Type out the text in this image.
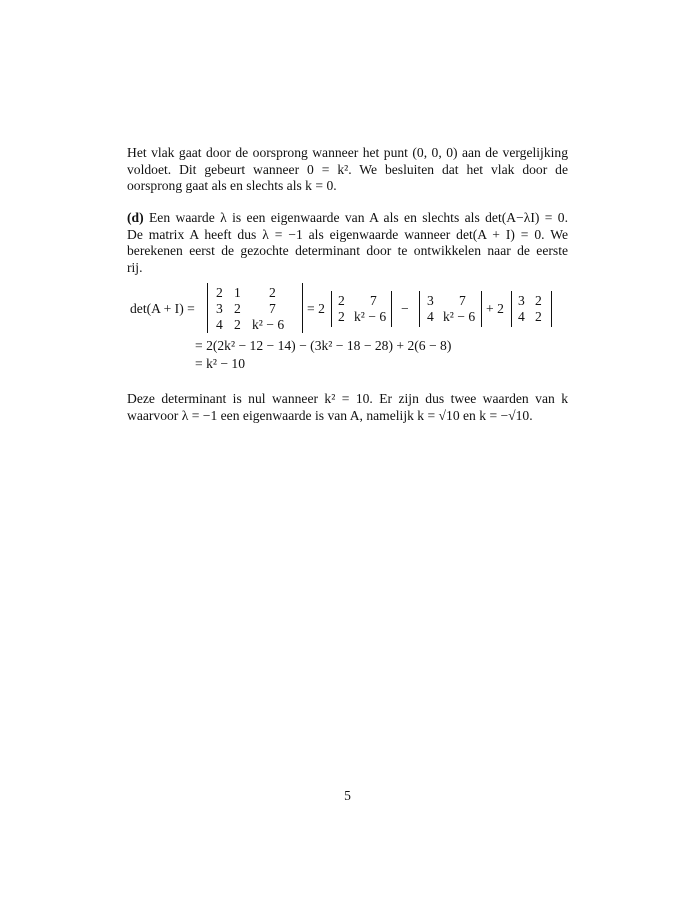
Het vlak gaat door de oorsprong wanneer het punt (0, 0, 0) aan de vergelijking
voldoet. Dit gebeurt wanneer 0 = k². We besluiten dat het vlak door de
oorsprong gaat als en slechts als k = 0.
(d) Een waarde λ is een eigenwaarde van A als en slechts als det(A−λI) = 0.
De matrix A heeft dus λ = −1 als eigenwaarde wanneer det(A + I) = 0. We
berekenen eerst de gezochte determinant door te ontwikkelen naar de eerste
rij.
det(A + I) =
2 1 2
3 2 7
4 2 k² − 6
= 2
2 7
2 k² − 6
−
3 7
4 k² − 6
+ 2
3 2
4 2
= 2(2k² − 12 − 14) − (3k² − 18 − 28) + 2(6 − 8)
= k² − 10
Deze determinant is nul wanneer k² = 10. Er zijn dus twee waarden van k
waarvoor λ = −1 een eigenwaarde is van A, namelijk k = √10 en k = −√10.
5
